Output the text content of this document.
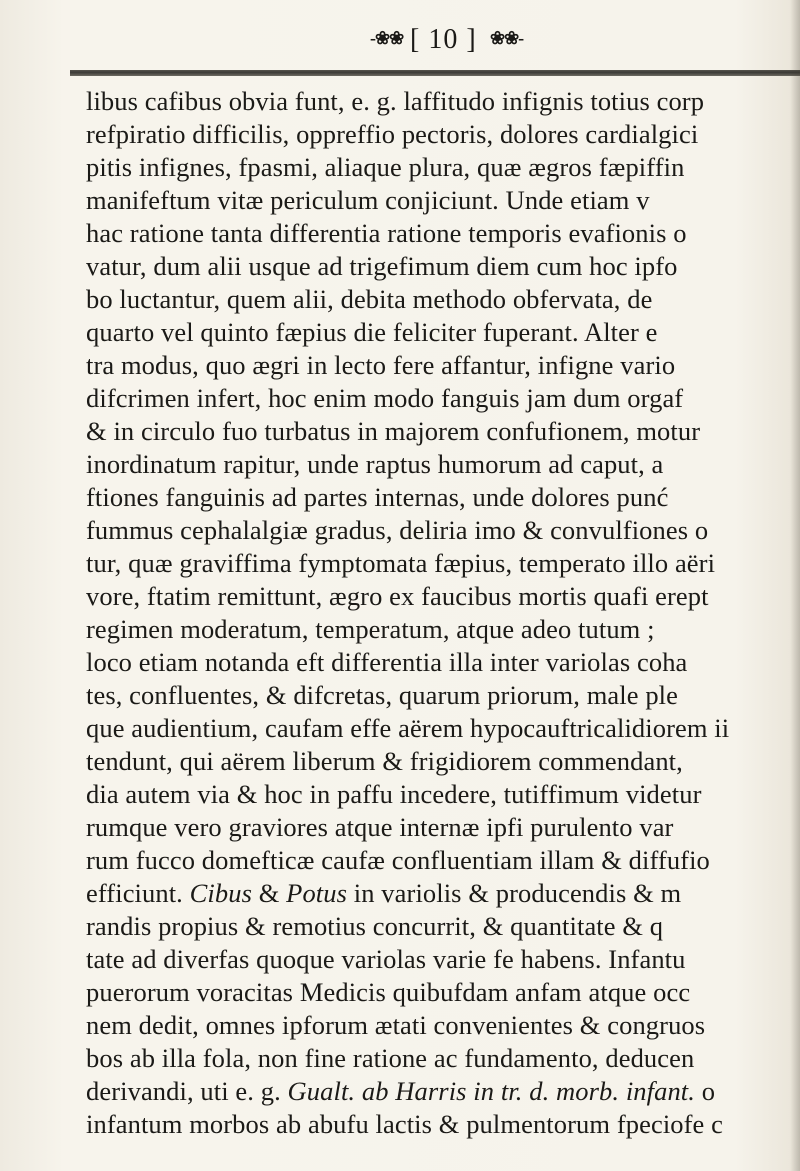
-❀❀ [ 10 ] ❀❀-
libus cafibus obvia funt, e. g. laffitudo infignis totius corp
refpiratio difficilis, oppreffio pectoris, dolores cardialgici
pitis infignes, fpasmi, aliaque plura, quæ ægros fæpiffin
manifeftum vitæ periculum conjiciunt. Unde etiam v
hac ratione tanta differentia ratione temporis evafionis o
vatur, dum alii usque ad trigefimum diem cum hoc ipfo
bo luctantur, quem alii, debita methodo obfervata, de
quarto vel quinto fæpius die feliciter fuperant. Alter e
tra modus, quo ægri in lecto fere affantur, infigne vario
difcrimen infert, hoc enim modo fanguis jam dum orgaf
& in circulo fuo turbatus in majorem confufionem, motur
inordinatum rapitur, unde raptus humorum ad caput, a
ftiones fanguinis ad partes internas, unde dolores punć
fummus cephalalgiæ gradus, deliria imo & convulfiones o
tur, quæ graviffima fymptomata fæpius, temperato illo aëri
vore, ftatim remittunt, ægro ex faucibus mortis quafi erept
regimen moderatum, temperatum, atque adeo tutum ;
loco etiam notanda eft differentia illa inter variolas coha
tes, confluentes, & difcretas, quarum priorum, male ple
que audientium, caufam effe aërem hypocauftricalidiorem ii
tendunt, qui aërem liberum & frigidiorem commendant,
dia autem via & hoc in paffu incedere, tutiffimum videtur
rumque vero graviores atque internæ ipfi purulento var
rum fucco domefticæ caufæ confluentiam illam & diffufio
efficiunt. Cibus & Potus in variolis & producendis & m
randis propius & remotius concurrit, & quantitate & q
tate ad diverfas quoque variolas varie fe habens. Infantu
puerorum voracitas Medicis quibufdam anfam atque occ
nem dedit, omnes ipforum ætati convenientes & congruos
bos ab illa fola, non fine ratione ac fundamento, deducen
derivandi, uti e. g. Gualt. ab Harris in tr. d. morb. infant. o
infantum morbos ab abufu lactis & pulmentorum fpeciofe c
